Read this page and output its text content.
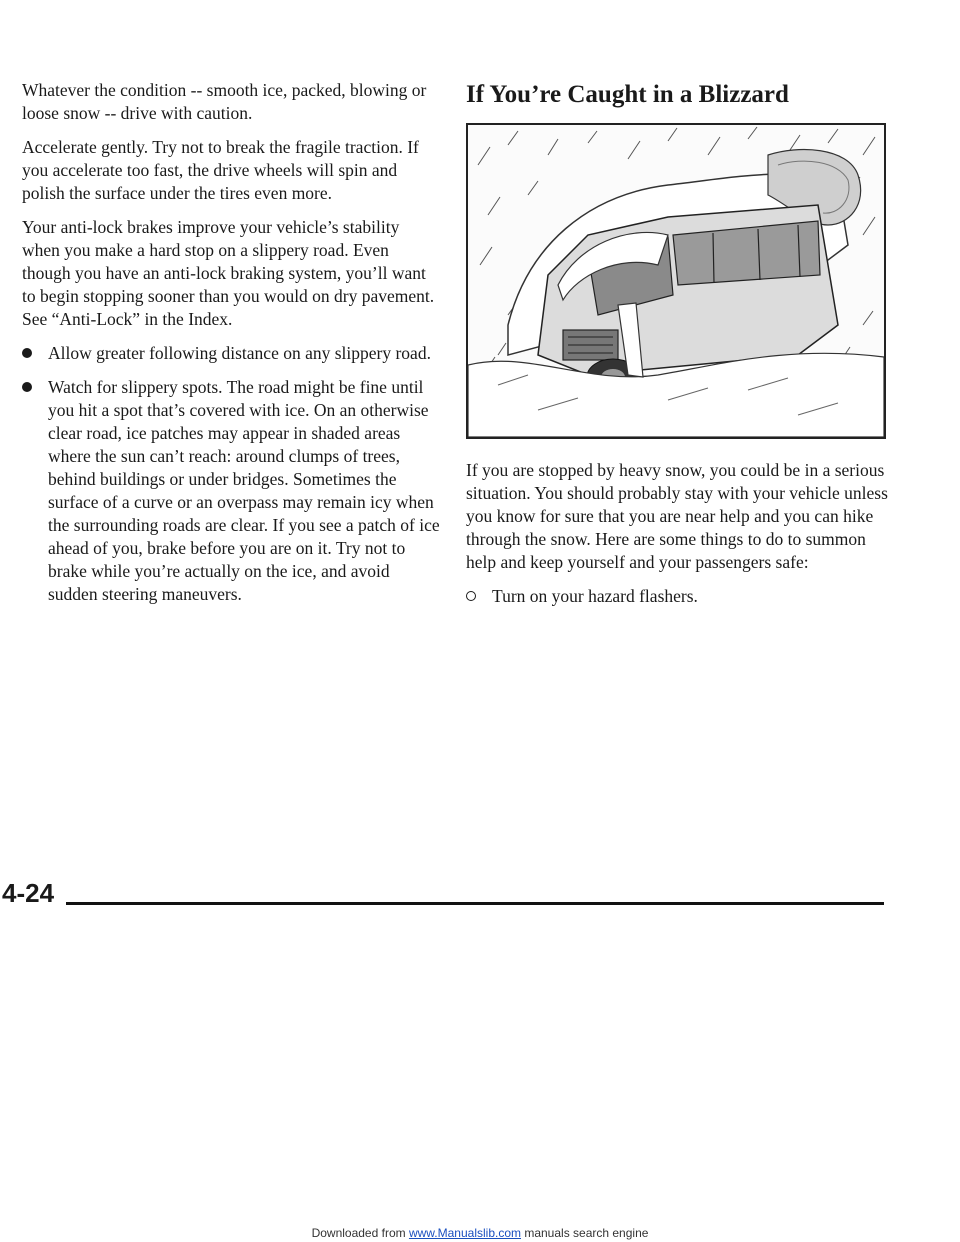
Whatever the condition -- smooth ice, packed, blowing or loose snow -- drive with caution.

Accelerate gently. Try not to break the fragile traction. If you accelerate too fast, the drive wheels will spin and polish the surface under the tires even more.

Your anti-lock brakes improve your vehicle’s stability when you make a hard stop on a slippery road. Even though you have an anti-lock braking system, you’ll want to begin stopping sooner than you would on dry pavement. See “Anti-Lock” in the Index.

Allow greater following distance on any slippery road.
Watch for slippery spots. The road might be fine until you hit a spot that’s covered with ice. On an otherwise clear road, ice patches may appear in shaded areas where the sun can’t reach: around clumps of trees, behind buildings or under bridges. Sometimes the surface of a curve or an overpass may remain icy when the surrounding roads are clear. If you see a patch of ice ahead of you, brake before you are on it. Try not to brake while you’re actually on the ice, and avoid sudden steering maneuvers.
If You’re Caught in a Blizzard

If you are stopped by heavy snow, you could be in a serious situation. You should probably stay with your vehicle unless you know for sure that you are near help and you can hike through the snow. Here are some things to do to summon help and keep yourself and your passengers safe:

Turn on your hazard flashers.
4-24
Downloaded from www.Manualslib.com manuals search engine
